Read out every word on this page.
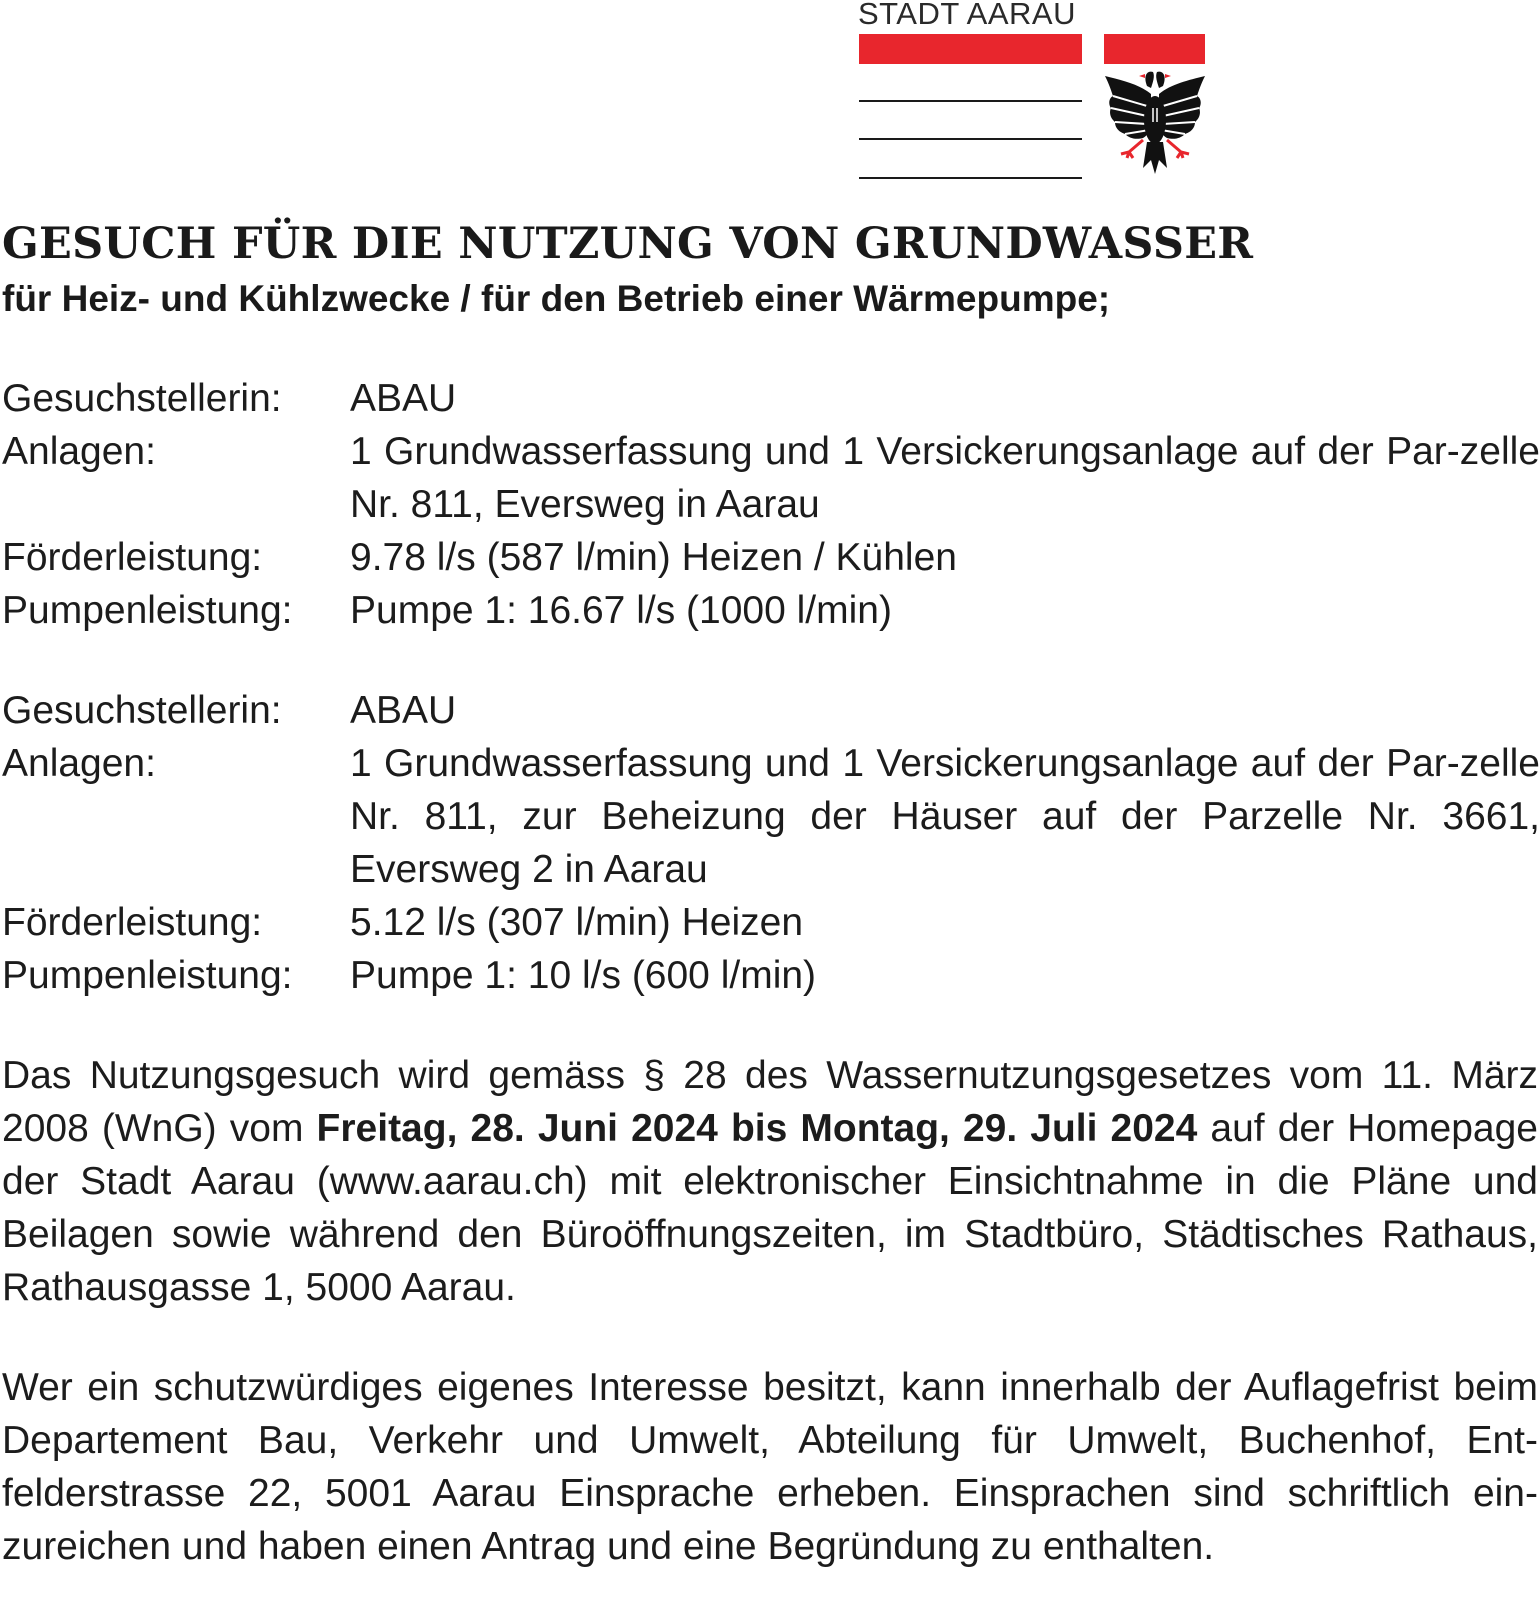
STADT AARAU
GESUCH FÜR DIE NUTZUNG VON GRUNDWASSER
für Heiz- und Kühlzwecke / für den Betrieb einer Wärmepumpe;
Gesuchstellerin: ABAU
Anlagen:	1 Grundwasserfassung und 1 Versickerungsanlage auf der Par-zelle Nr. 811, Eversweg in Aarau
Förderleistung: 9.78 l/s (587 l/min) Heizen / Kühlen
Pumpenleistung: Pumpe 1: 16.67 l/s (1000 l/min)
Gesuchstellerin: ABAU
Anlagen:	1 Grundwasserfassung und 1 Versickerungsanlage auf der Par-zelle Nr. 811, zur Beheizung der Häuser auf der Parzelle Nr. 3661, Eversweg 2 in Aarau
Förderleistung: 5.12 l/s (307 l/min) Heizen
Pumpenleistung: Pumpe 1: 10 l/s (600 l/min)
Das Nutzungsgesuch wird gemäss § 28 des Wassernutzungsgesetzes vom 11. März 2008 (WnG) vom Freitag, 28. Juni 2024 bis Montag, 29. Juli 2024 auf der Homepage der Stadt Aarau (www.aarau.ch) mit elektronischer Einsichtnahme in die Pläne und Beilagen sowie während den Büroöffnungszeiten, im Stadtbüro, Städtisches Rathaus, Rathausgasse 1, 5000 Aarau.
Wer ein schutzwürdiges eigenes Interesse besitzt, kann innerhalb der Auflagefrist beim Departement Bau, Verkehr und Umwelt, Abteilung für Umwelt, Buchenhof, Ent-felderstrasse 22, 5001 Aarau Einsprache erheben. Einsprachen sind schriftlich ein-zureichen und haben einen Antrag und eine Begründung zu enthalten.
